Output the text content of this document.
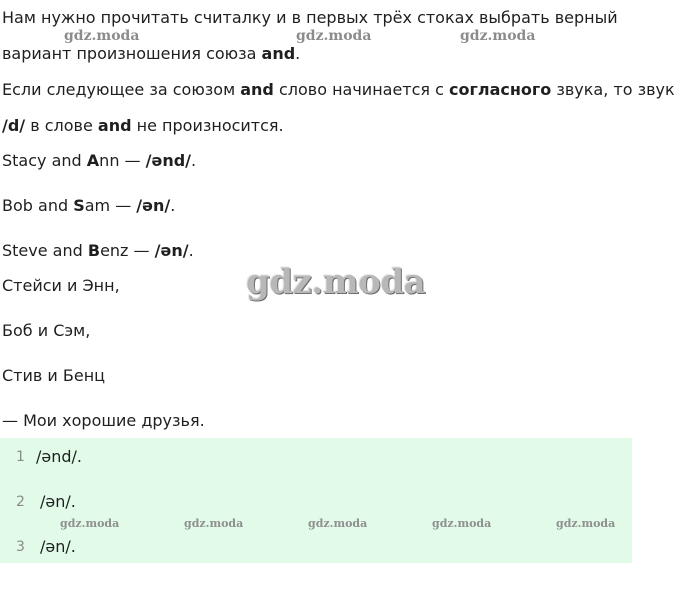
Нам нужно прочитать считалку и в первых трёх стоках выбрать верный

вариант произношения союза and.

gdz.moda	gdz.moda	gdz.moda

Если следующее за союзом and слово начинается с согласного звука, то звук

/d/ в слове and не произносится.

Stacy and Ann — /ənd/.

Bob and Sam — /ən/.

Steve and Benz — /ən/.

gdz.moda

Стейси и Энн,

Боб и Сэм,

Стив и Бенц

— Мои хорошие друзья.

1 /ənd/.
2 /ən/.
gdz.moda	gdz.moda	gdz.moda	gdz.moda	gdz.moda
3 /ən/.
